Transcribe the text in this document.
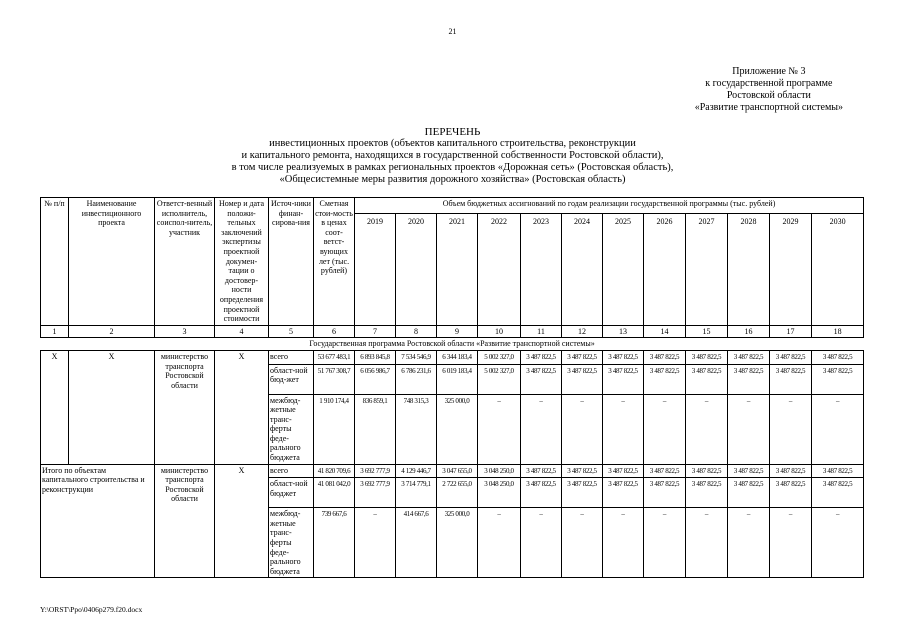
21
Приложение № 3
к государственной программе
Ростовской области
«Развитие транспортной системы»
ПЕРЕЧЕНЬ
инвестиционных проектов (объектов капитального строительства, реконструкции
и капитального ремонта, находящихся в государственной собственности Ростовской области),
в том числе реализуемых в рамках региональных проектов «Дорожная сеть» (Ростовская область),
«Общесистемные меры развития дорожного хозяйства» (Ростовская область)
№ п/п	Наименование инвестиционного проекта	Ответст-венный исполнитель, соиспол-нитель, участник	Номер и дата положи-тельных заключений экспертизы проектной докумен-тации о достовер-ности определения проектной стоимости	Источ-ники финан-сирова-ния	Сметная стои-мость в ценах соот-ветст-вующих лет (тыс. рублей)	Объем бюджетных ассигнований по годам реализации государственной программы (тыс. рублей)											
						2019	2020	2021	2022	2023	2024	2025	2026	2027	2028	2029	2030
1	2	3	4	5	6	7	8	9	10	11	12	13	14	15	16	17	18
Государственная программа Ростовской области «Развитие транспортной системы»																	
Х	Х	министерство транспорта Ростовской области	Х	всего	53 677 483,1	6 893 845,8	7 534 546,9	6 344 183,4	5 002 327,0	3 487 822,5	3 487 822,5	3 487 822,5	3 487 822,5	3 487 822,5	3 487 822,5	3 487 822,5	3 487 822,5
				област-ной бюд-жет	51 767 308,7	6 056 986,7	6 786 231,6	6 019 183,4	5 002 327,0	3 487 822,5	3 487 822,5	3 487 822,5	3 487 822,5	3 487 822,5	3 487 822,5	3 487 822,5	3 487 822,5
				межбюд-жетные транс-ферты феде-рального бюджета	1 910 174,4	836 859,1	748 315,3	325 000,0	–	–	–	–	–	–	–	–	–
Итого по объектам капитального строительства и реконструкции		министерство транспорта Ростовской области	Х	всего	41 820 709,6	3 692 777,9	4 129 446,7	3 047 655,0	3 048 250,0	3 487 822,5	3 487 822,5	3 487 822,5	3 487 822,5	3 487 822,5	3 487 822,5	3 487 822,5	3 487 822,5
				област-ной бюджет	41 081 042,0	3 692 777,9	3 714 779,1	2 722 655,0	3 048 250,0	3 487 822,5	3 487 822,5	3 487 822,5	3 487 822,5	3 487 822,5	3 487 822,5	3 487 822,5	3 487 822,5
				межбюд-жетные транс-ферты феде-рального бюджета	739 667,6	–	414 667,6	325 000,0	–	–	–	–	–	–	–	–	–
Y:\ORST\Ppo\0406p279.f20.docx
